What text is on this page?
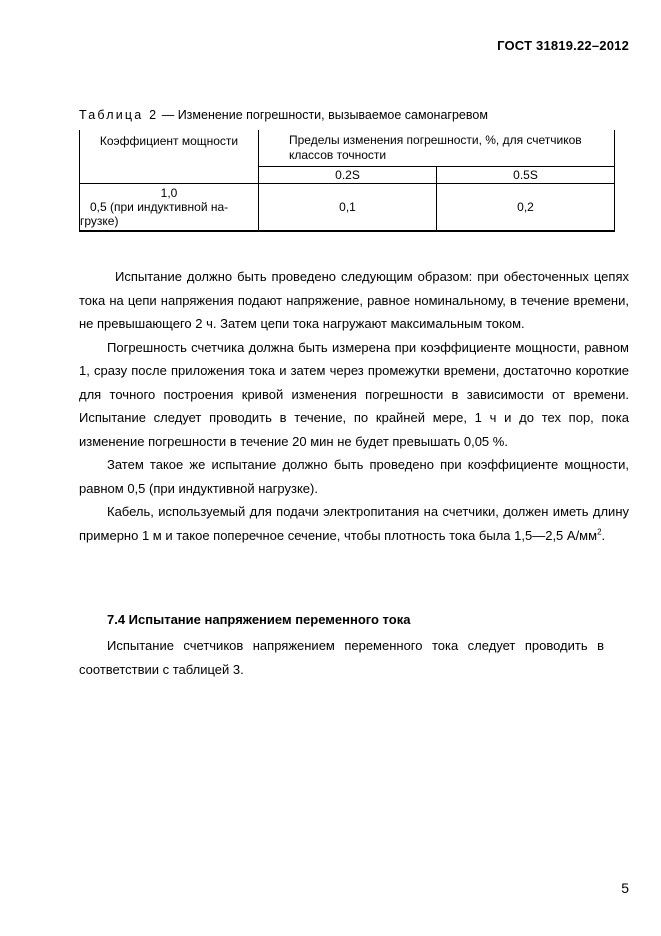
ГОСТ 31819.22–2012
Таблица 2 — Изменение погрешности, вызываемое самонагревом
Коэффициент мощности	Пределы изменения погрешности, %, для счетчиков
классов точности	

	0.2S	0.5S

1,0
0,5 (при индуктивной на-
грузке)	0,1	0,2

Испытание должно быть проведено следующим образом: при обесточенных цепях тока на цепи напряжения подают напряжение, равное номинальному, в течение времени, не превышающего 2 ч. Затем цепи тока нагружают максимальным током.

Погрешность счетчика должна быть измерена при коэффициенте мощности, равном 1, сразу после приложения тока и затем через промежутки времени, достаточно короткие для точного построения кривой изменения погрешности в зависимости от времени. Испытание следует проводить в течение, по крайней мере, 1 ч и до тех пор, пока изменение погрешности в течение 20 мин не будет превышать 0,05 %.

Затем такое же испытание должно быть проведено при коэффициенте мощности, равном 0,5 (при индуктивной нагрузке).

Кабель, используемый для подачи электропитания на счетчики, должен иметь длину примерно 1 м и такое поперечное сечение, чтобы плотность тока была 1,5—2,5 $А/мм^2$.

7.4 Испытание напряжением переменного тока

Испытание счетчиков напряжением переменного тока следует проводить в соответствии с таблицей 3.

5
